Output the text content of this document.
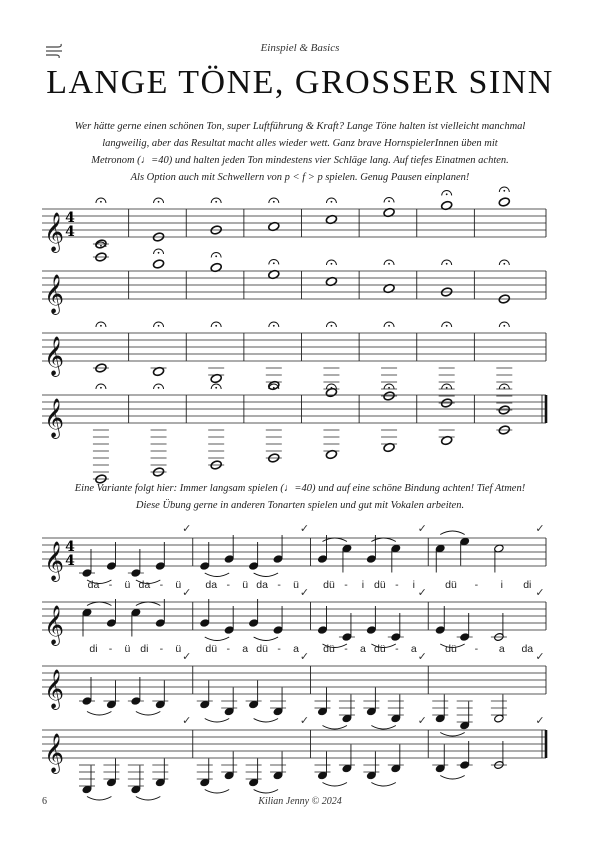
Einspiel & Basics
LANGE TÖNE, GROSSER SINN
Wer hätte gerne einen schönen Ton, super Luftführung & Kraft? Lange Töne halten ist vielleicht manchmal
langweilig, aber das Resultat macht alles wieder wett. Ganz brave HornspielerInnen üben mit
Metronom (♩=40) und halten jeden Ton mindestens vier Schläge lang. Auf tiefes Einatmen achten.
Als Option auch mit Schwellern von p < f > p spielen. Genug Pausen einplanen!
𝄞 4
4
𝄞
𝄞
𝄞
Eine Variante folgt hier: Immer langsam spielen (♩=40) und auf eine schöne Bindung achten! Tief Atmen!
Diese Übung gerne in anderen Tonarten spielen und gut mit Vokalen arbeiten.
𝄞 4
4
✓
da - ü da - ü
✓
da - ü da - ü
✓
dü - i dü - i
✓
dü - i di
𝄞
✓
di - ü di - ü
✓
dü - a dü - a
✓
dü - a dü - a
✓
dü - a da
𝄞
✓	✓	✓	✓
𝄞
✓	✓	✓	✓
6	Kilian Jenny © 2024
